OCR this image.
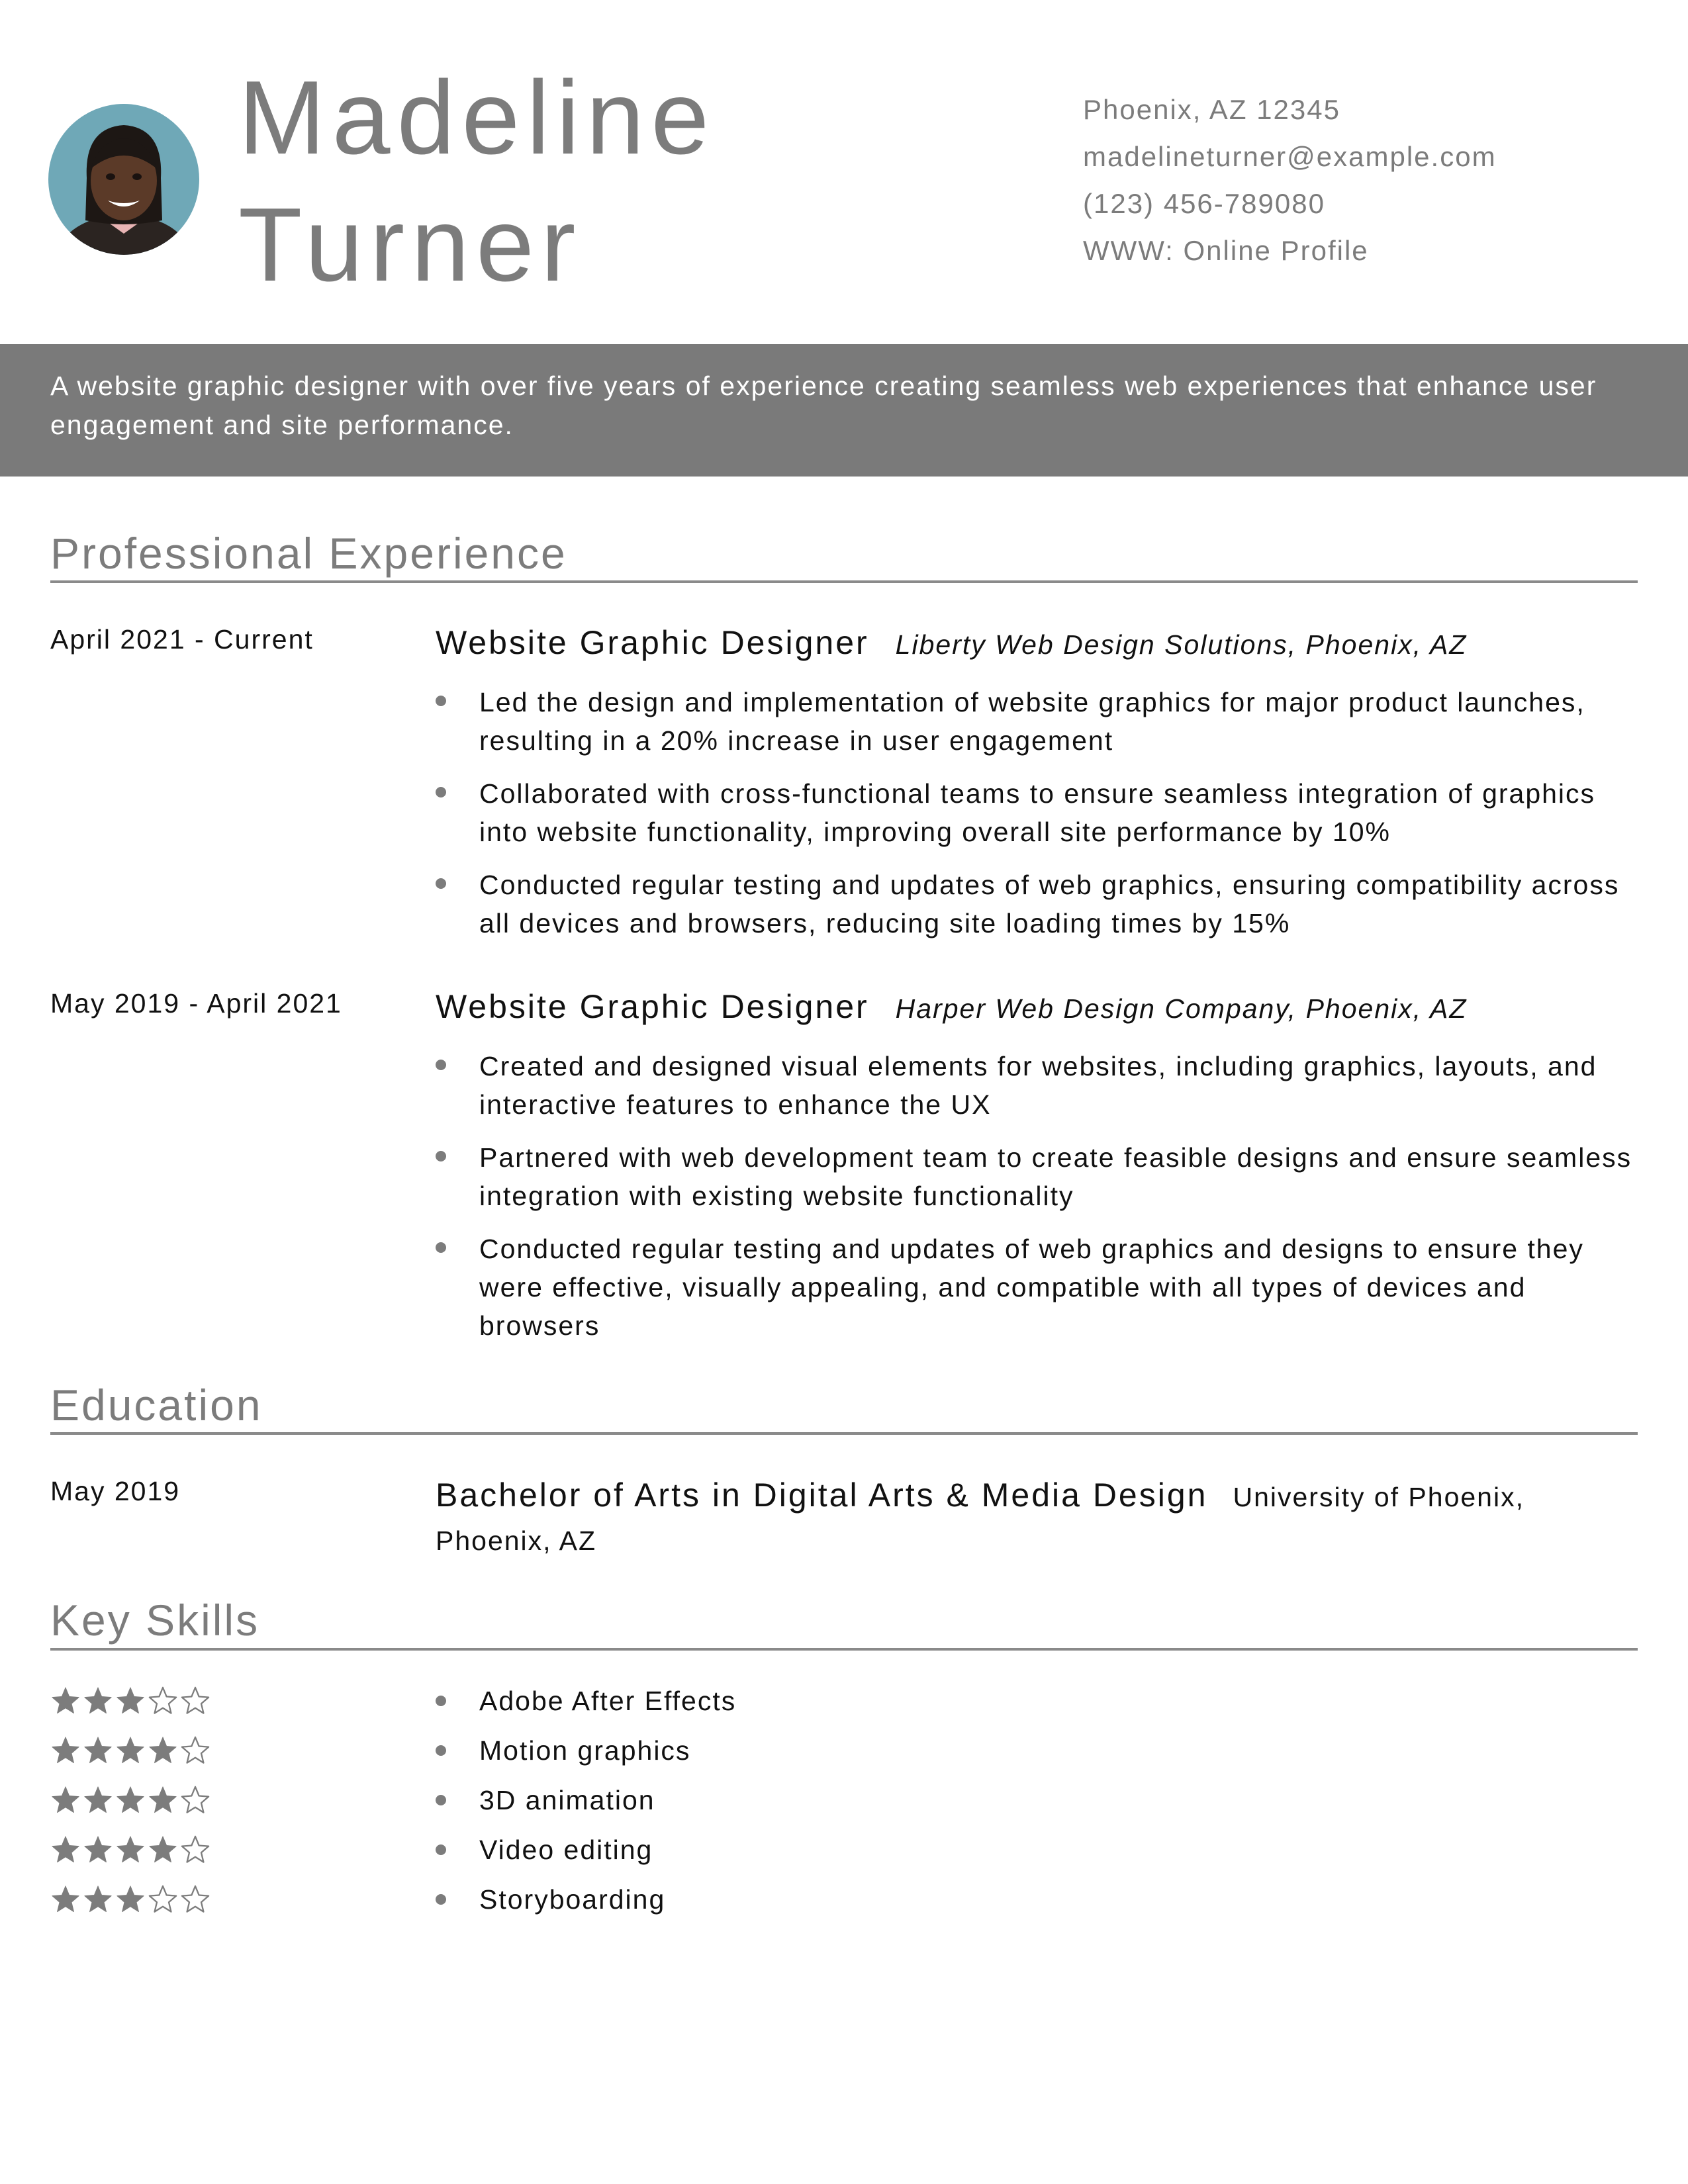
Madeline
Turner
Phoenix, AZ 12345
madelineturner@example.com
(123) 456-789080
WWW: Online Profile
A website graphic designer with over five years of experience creating seamless web experiences that enhance user engagement and site performance.
Professional Experience
April 2021 - Current	Website Graphic Designer Liberty Web Design Solutions, Phoenix, AZ
Led the design and implementation of website graphics for major product launches, resulting in a 20% increase in user engagement
Collaborated with cross-functional teams to ensure seamless integration of graphics into website functionality, improving overall site performance by 10%
Conducted regular testing and updates of web graphics, ensuring compatibility across all devices and browsers, reducing site loading times by 15%
May 2019 - April 2021	Website Graphic Designer Harper Web Design Company, Phoenix, AZ
Created and designed visual elements for websites, including graphics, layouts, and interactive features to enhance the UX
Partnered with web development team to create feasible designs and ensure seamless integration with existing website functionality
Conducted regular testing and updates of web graphics and designs to ensure they were effective, visually appealing, and compatible with all types of devices and browsers
Education
May 2019	Bachelor of Arts in Digital Arts & Media Design University of Phoenix, Phoenix, AZ
Key Skills
Adobe After Effects
Motion graphics
3D animation
Video editing
Storyboarding
